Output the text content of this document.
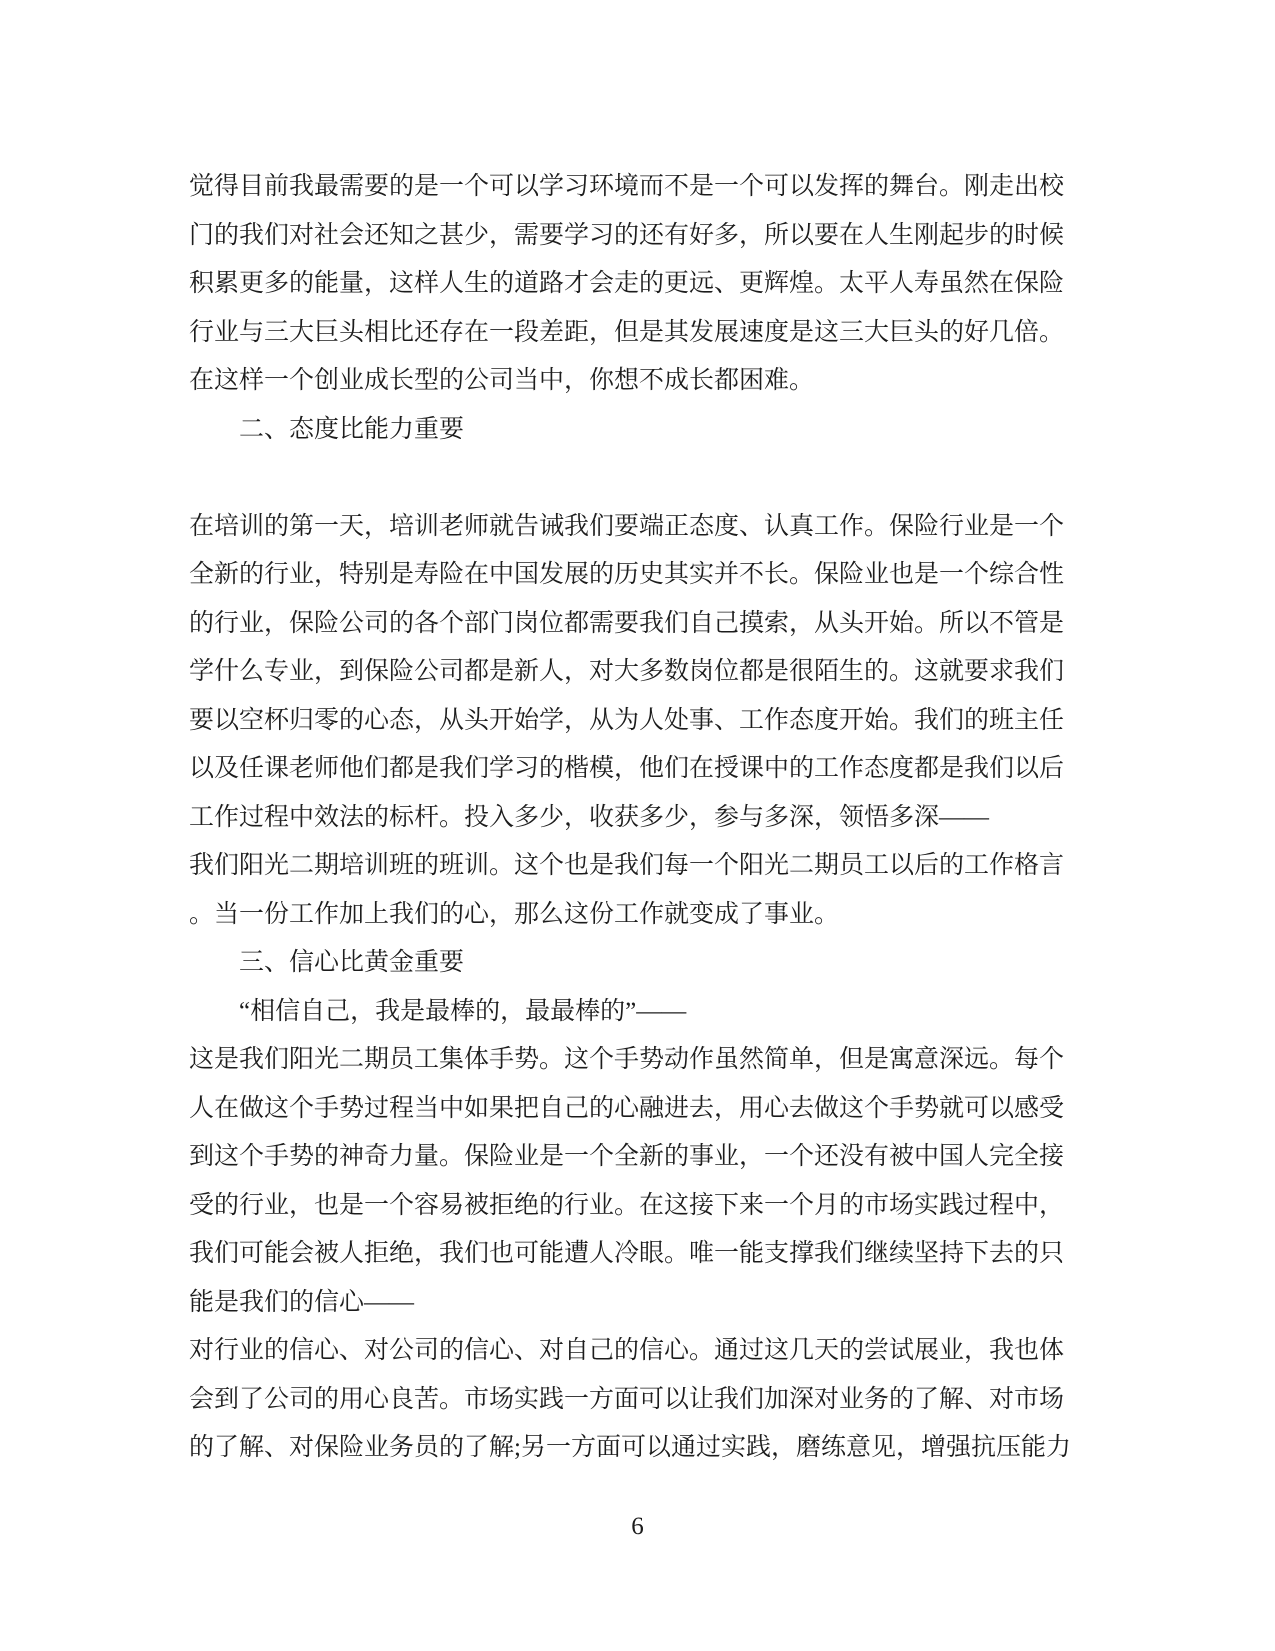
觉得目前我最需要的是一个可以学习环境而不是一个可以发挥的舞台。刚走出校
门的我们对社会还知之甚少，需要学习的还有好多，所以要在人生刚起步的时候
积累更多的能量，这样人生的道路才会走的更远、更辉煌。太平人寿虽然在保险
行业与三大巨头相比还存在一段差距，但是其发展速度是这三大巨头的好几倍。
在这样一个创业成长型的公司当中，你想不成长都困难。
二、态度比能力重要

在培训的第一天，培训老师就告诫我们要端正态度、认真工作。保险行业是一个
全新的行业，特别是寿险在中国发展的历史其实并不长。保险业也是一个综合性
的行业，保险公司的各个部门岗位都需要我们自己摸索，从头开始。所以不管是
学什么专业，到保险公司都是新人，对大多数岗位都是很陌生的。这就要求我们
要以空杯归零的心态，从头开始学，从为人处事、工作态度开始。我们的班主任
以及任课老师他们都是我们学习的楷模，他们在授课中的工作态度都是我们以后
工作过程中效法的标杆。投入多少，收获多少，参与多深，领悟多深——
我们阳光二期培训班的班训。这个也是我们每一个阳光二期员工以后的工作格言
。当一份工作加上我们的心，那么这份工作就变成了事业。
三、信心比黄金重要
“相信自己，我是最棒的，最最棒的”——
这是我们阳光二期员工集体手势。这个手势动作虽然简单，但是寓意深远。每个
人在做这个手势过程当中如果把自己的心融进去，用心去做这个手势就可以感受
到这个手势的神奇力量。保险业是一个全新的事业，一个还没有被中国人完全接
受的行业，也是一个容易被拒绝的行业。在这接下来一个月的市场实践过程中，
我们可能会被人拒绝，我们也可能遭人冷眼。唯一能支撑我们继续坚持下去的只
能是我们的信心——
对行业的信心、对公司的信心、对自己的信心。通过这几天的尝试展业，我也体
会到了公司的用心良苦。市场实践一方面可以让我们加深对业务的了解、对市场
的了解、对保险业务员的了解;另一方面可以通过实践，磨练意见，增强抗压能力
6
